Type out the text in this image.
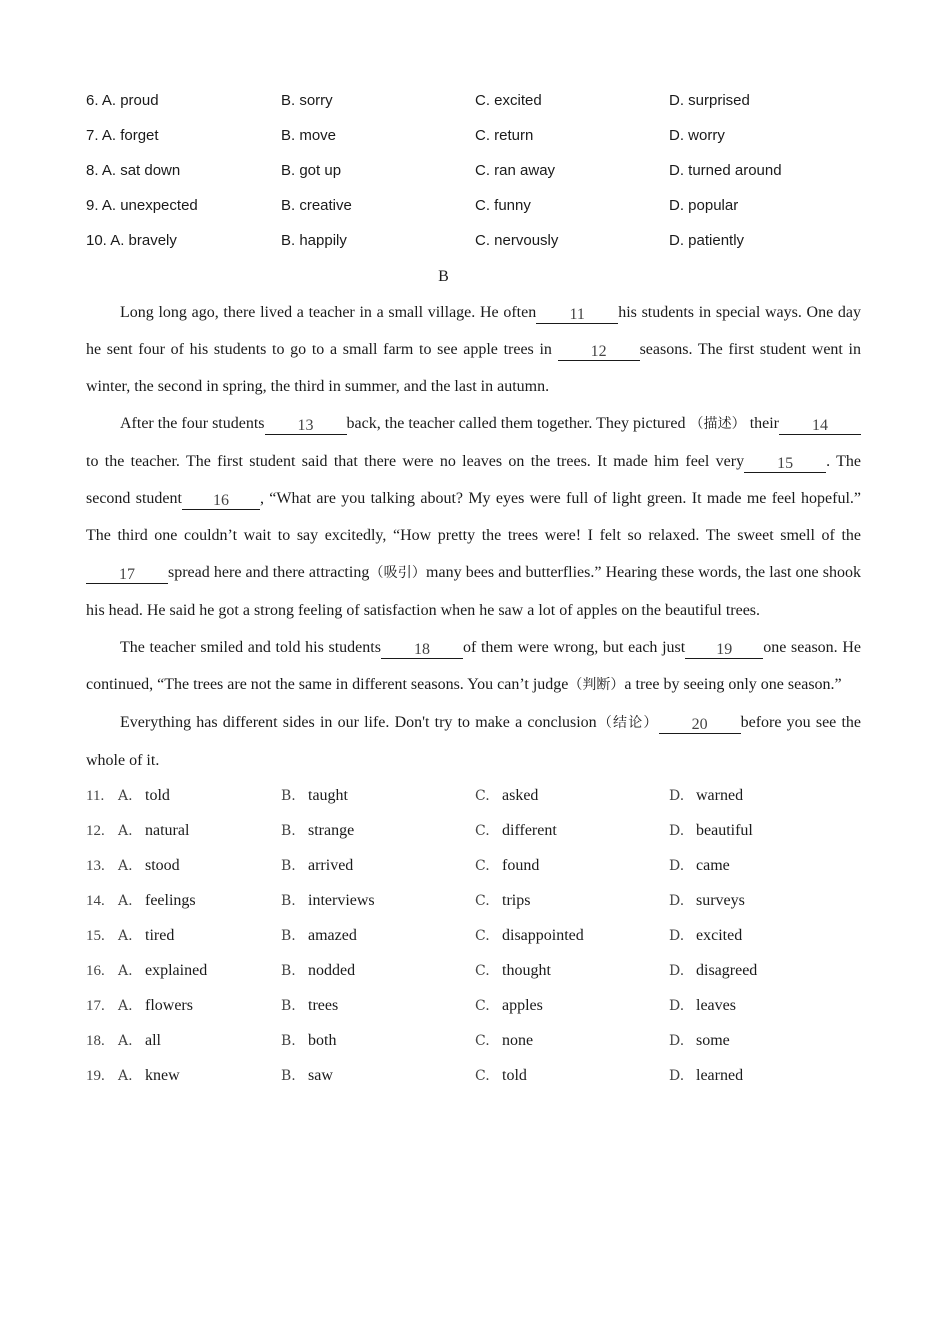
6. A. proud	B. sorry	C. excited	D. surprised
7. A. forget	B. move	C. return	D. worry
8. A. sat down	B. got up	C. ran away	D. turned around
9. A. unexpected	B. creative	C. funny	D. popular
10. A. bravely	B. happily	C. nervously	D. patiently
B

Long long ago, there lived a teacher in a small village. He often 11 his students in special ways. One day he sent four of his students to go to a small farm to see apple trees in 12 seasons. The first student went in winter, the second in spring, the third in summer, and the last in autumn.

After the four students 13 back, the teacher called them together. They pictured （描述） their 14to the teacher. The first student said that there were no leaves on the trees. It made him feel very 15 . The second student 16 , “What are you talking about? My eyes were full of light green. It made me feel hopeful.” The third one couldn’t wait to say excitedly, “How pretty the trees were! I felt so relaxed. The sweet smell of the17 spread here and there attracting（吸引）many bees and butterflies.” Hearing these words, the last one shook his head. He said he got a strong feeling of satisfaction when he saw a lot of apples on the beautiful trees.

The teacher smiled and told his students 18 of them were wrong, but each just 19 one season. He continued, “The trees are not the same in different seasons. You can’t judge（判断）a tree by seeing only one season.”

Everything has different sides in our life. Don't try to make a conclusion（结论） 20 before you see the whole of it.

11. A. told	B. taught	C. asked	D. warned
12. A. natural	B. strange	C. different	D. beautiful
13. A. stood	B. arrived	C. found	D. came
14. A. feelings	B. interviews	C. trips	D. surveys
15. A. tired	B. amazed	C. disappointed	D. excited
16. A. explained	B. nodded	C. thought	D. disagreed
17. A. flowers	B. trees	C. apples	D. leaves
18. A. all	B. both	C. none	D. some
19. A. knew	B. saw	C. told	D. learned
